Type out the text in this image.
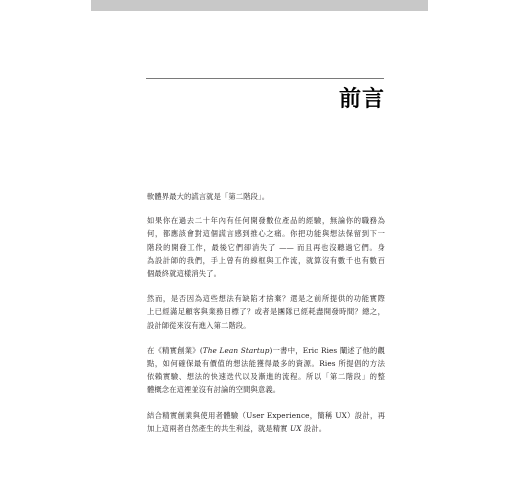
前言

軟體界最大的謊言就是「第二階段」。

如果你在過去二十年內有任何開發數位產品的經驗，無論你的職務為
何，都應該會對這個謊言感到推心之痛。你把功能與想法保留到下一
階段的開發工作，最後它們卻消失了 —— 而且再也沒聽過它們。身
為設計師的我們，手上曾有的線框與工作流，就算沒有數千也有數百
個最終就這樣消失了。

然而，是否因為這些想法有缺陷才捨棄？還是之前所提供的功能實際
上已經滿足顧客與業務目標了？或者是團隊已經耗盡開發時間？總之，
設計師從來沒有進入第二階段。

在《精實創業》(The Lean Startup)一書中，Eric Ries 闡述了他的觀
點，如何確保最有價值的想法能獲得最多的資源。Ries 所提倡的方法
依賴實驗、想法的快速迭代以及漸進的流程。所以「第二階段」的整
體概念在這裡並沒有討論的空間與意義。

結合精實創業與使用者體驗（User Experience，簡稱 UX）設計，再
加上這兩者自然產生的共生利益，就是精實 UX 設計。
